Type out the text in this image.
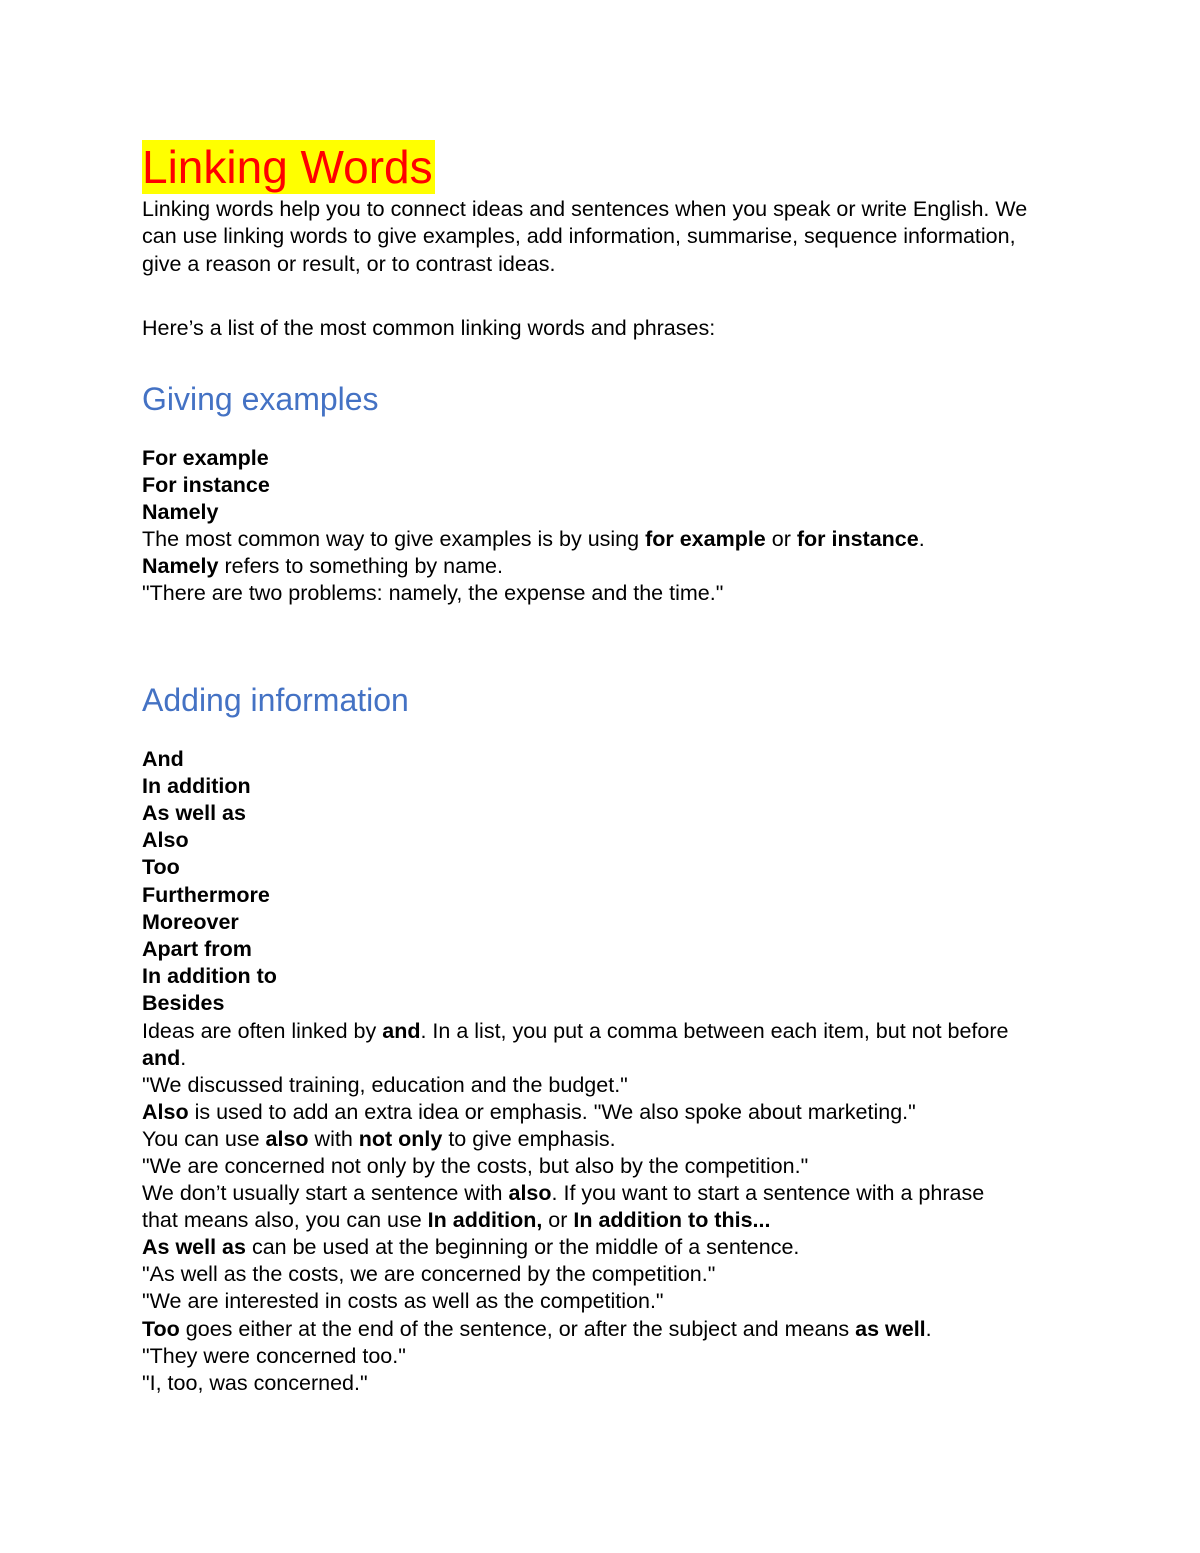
Linking Words

Linking words help you to connect ideas and sentences when you speak or write English. We can use linking words to give examples, add information, summarise, sequence information, give a reason or result, or to contrast ideas.

Here’s a list of the most common linking words and phrases:

Giving examples
For example
For instance
Namely
The most common way to give examples is by using for example or for instance.
Namely refers to something by name.
"There are two problems: namely, the expense and the time."
Adding information
And
In addition
As well as
Also
Too
Furthermore
Moreover
Apart from
In addition to
Besides
Ideas are often linked by and. In a list, you put a comma between each item, but not before and.
"We discussed training, education and the budget."
Also is used to add an extra idea or emphasis. "We also spoke about marketing."
You can use also with not only to give emphasis.
"We are concerned not only by the costs, but also by the competition."
We don’t usually start a sentence with also. If you want to start a sentence with a phrase that means also, you can use In addition, or In addition to this...
As well as can be used at the beginning or the middle of a sentence.
"As well as the costs, we are concerned by the competition."
"We are interested in costs as well as the competition."
Too goes either at the end of the sentence, or after the subject and means as well.
"They were concerned too."
"I, too, was concerned."
